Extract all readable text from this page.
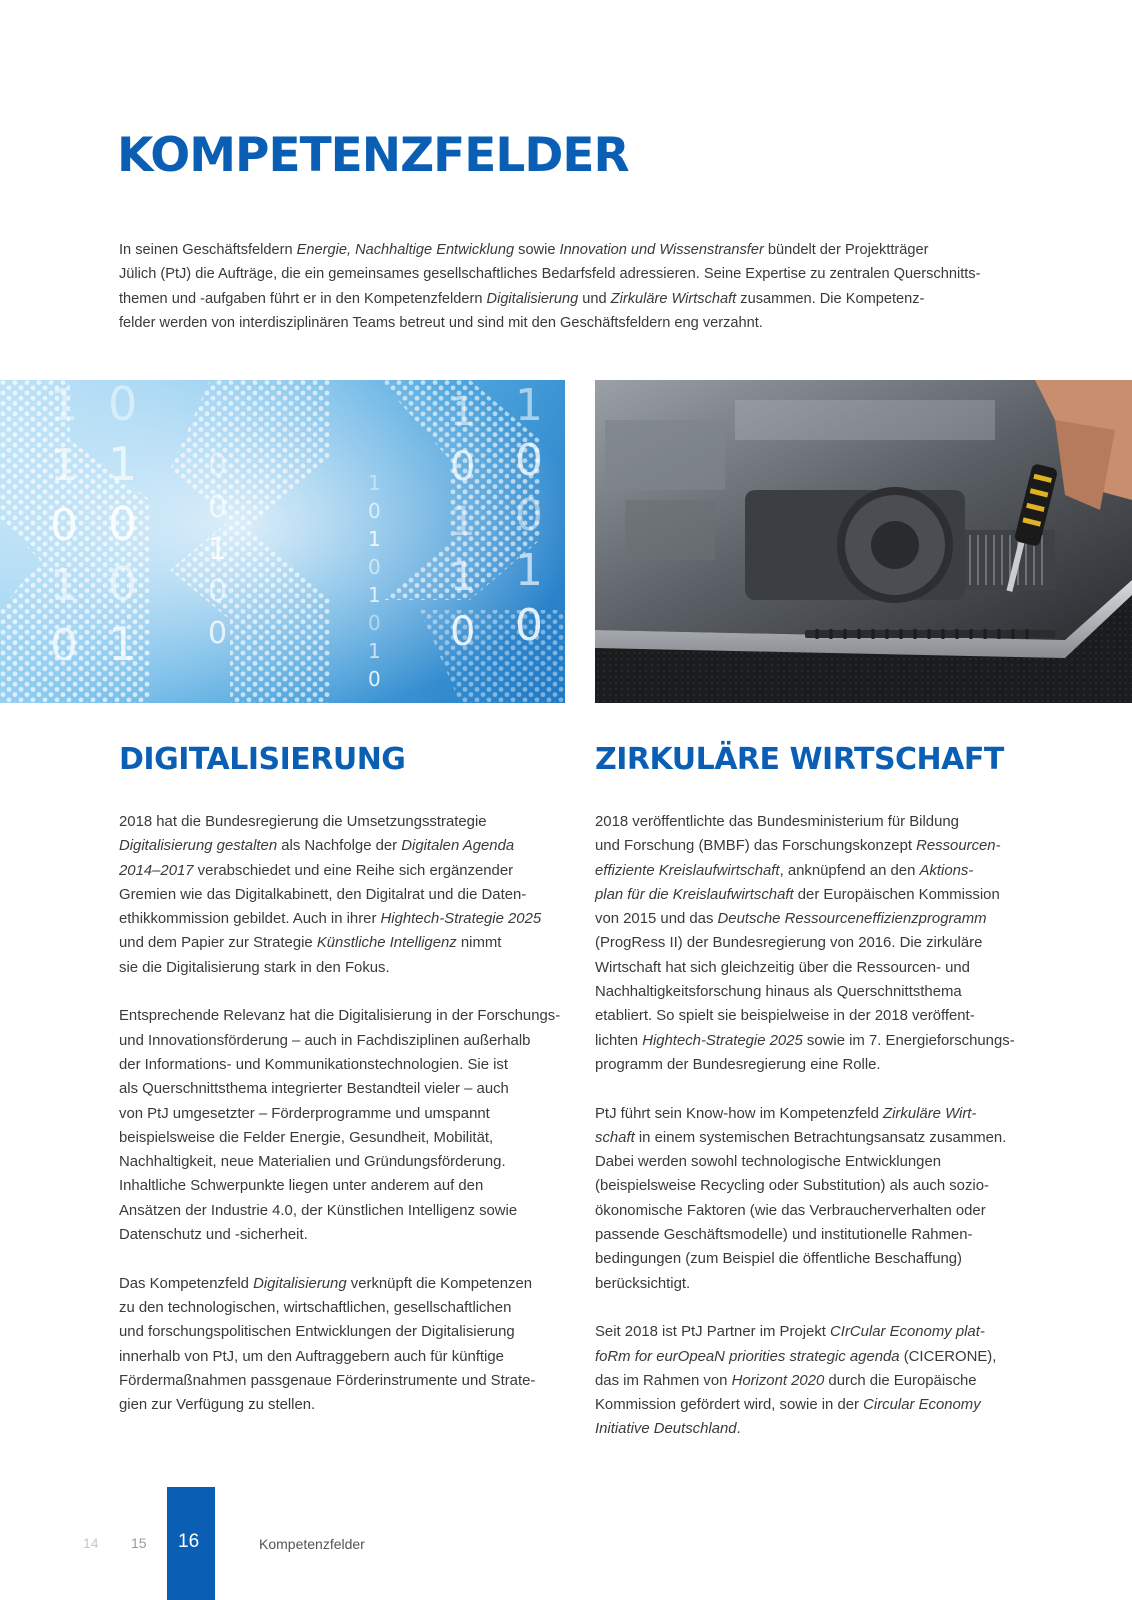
KOMPETENZFELDER
In seinen Geschäftsfeldern Energie, Nachhaltige Entwicklung sowie Innovation und Wissenstransfer bündelt der Projektträger
Jülich (PtJ) die Aufträge, die ein gemeinsames gesellschaftliches Bedarfsfeld adressieren. Seine Expertise zu zentralen Querschnitts-
themen und -aufgaben führt er in den Kompetenzfeldern Digitalisierung und Zirkuläre Wirtschaft zusammen. Die Kompetenz-
felder werden von interdisziplinären Teams betreut und sind mit den Geschäftsfeldern eng verzahnt.
1
1
0
1
0
0
1
0
0
1
0
0
1
0
0
1
0
1
0
1
0
1
0
1
0
1
1
0
1
0
0
1
0
DIGITALISIERUNG	ZIRKULÄRE WIRTSCHAFT

2018 hat die Bundesregierung die Umsetzungsstrategie
Digitalisierung gestalten als Nachfolge der Digitalen Agenda
2014–2017 verabschiedet und eine Reihe sich ergänzender
Gremien wie das Digitalkabinett, den Digitalrat und die Daten-
ethikkommission gebildet. Auch in ihrer Hightech-Strategie 2025
und dem Papier zur Strategie Künstliche Intelligenz nimmt
sie die Digitalisierung stark in den Fokus.

Entsprechende Relevanz hat die Digitalisierung in der Forschungs-
und Innovationsförderung – auch in Fachdisziplinen außerhalb
der Informations- und Kommunikationstechnologien. Sie ist
als Querschnittsthema integrierter Bestandteil vieler – auch
von PtJ umgesetzter – Förderprogramme und umspannt
beispielsweise die Felder Energie, Gesundheit, Mobilität,
Nachhaltigkeit, neue Materialien und Gründungsförderung.
Inhaltliche Schwerpunkte liegen unter anderem auf den
Ansätzen der Industrie 4.0, der Künstlichen Intelligenz sowie
Datenschutz und -sicherheit.

Das Kompetenzfeld Digitalisierung verknüpft die Kompetenzen
zu den technologischen, wirtschaftlichen, gesellschaftlichen
und forschungspolitischen Entwicklungen der Digitalisierung
innerhalb von PtJ, um den Auftraggebern auch für künftige
Fördermaßnahmen passgenaue Förderinstrumente und Strate-
gien zur Verfügung zu stellen.

2018 veröffentlichte das Bundesministerium für Bildung
und Forschung (BMBF) das Forschungskonzept Ressourcen-
effiziente Kreislaufwirtschaft, anknüpfend an den Aktions-
plan für die Kreislaufwirtschaft der Europäischen Kommission
von 2015 und das Deutsche Ressourceneffizienzprogramm
(ProgRess II) der Bundesregierung von 2016. Die zirkuläre
Wirtschaft hat sich gleichzeitig über die Ressourcen- und
Nachhaltigkeitsforschung hinaus als Querschnittsthema
etabliert. So spielt sie beispielweise in der 2018 veröffent-
lichten Hightech-Strategie 2025 sowie im 7. Energieforschungs-
programm der Bundesregierung eine Rolle.

PtJ führt sein Know-how im Kompetenzfeld Zirkuläre Wirt-
schaft in einem systemischen Betrachtungsansatz zusammen.
Dabei werden sowohl technologische Entwicklungen
(beispielsweise Recycling oder Substitution) als auch sozio-
ökonomische Faktoren (wie das Verbraucherverhalten oder
passende Geschäftsmodelle) und institutionelle Rahmen-
bedingungen (zum Beispiel die öffentliche Beschaffung)
berücksichtigt.

Seit 2018 ist PtJ Partner im Projekt CIrCular Economy plat-
foRm for eurOpeaN priorities strategic agenda (CICERONE),
das im Rahmen von Horizont 2020 durch die Europäische
Kommission gefördert wird, sowie in der Circular Economy
Initiative Deutschland.

14 15 16	Kompetenzfelder
